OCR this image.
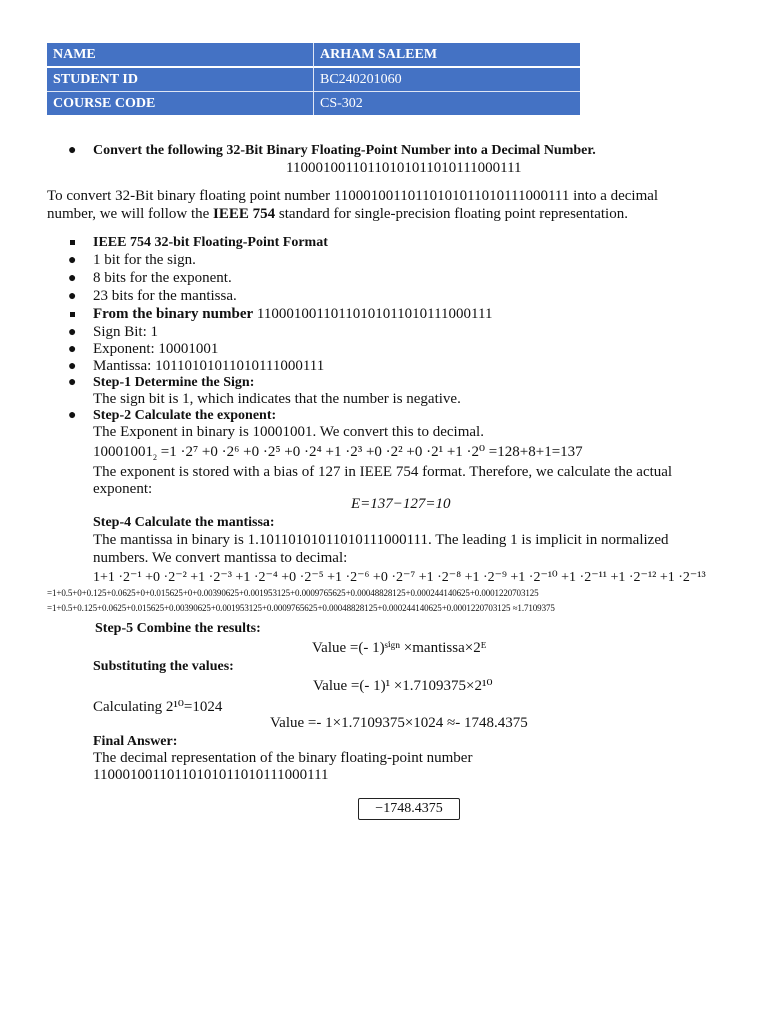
NAME	ARHAM SALEEM
STUDENT ID	BC240201060
COURSE CODE	CS-302
● Convert the following 32-Bit Binary Floating-Point Number into a Decimal Number.
11000100110110101011010111000111
To convert 32-Bit binary floating point number 11000100110110101011010111000111 into a decimal
number, we will follow the IEEE 754 standard for single-precision floating point representation.
IEEE 754 32-bit Floating-Point Format
● 1 bit for the sign.
● 8 bits for the exponent.
● 23 bits for the mantissa.
From the binary number 11000100110110101011010111000111
● Sign Bit: 1
● Exponent: 10001001
● Mantissa: 10110101011010111000111
● Step-1 Determine the Sign:
The sign bit is 1, which indicates that the number is negative.
● Step-2 Calculate the exponent:
The Exponent in binary is 10001001. We convert this to decimal.
$10001001_2 =1 \cdot 2^7 +0 \cdot 2^6 +0 \cdot 2^5 +0 \cdot 2^4 +1 \cdot 2^3 +0 \cdot 2^2 +0 \cdot 2^1 +1 \cdot 2^0 =128+8+1=137$
The exponent is stored with a bias of 127 in IEEE 754 format. Therefore, we calculate the actual
exponent:
E=137−127=10
Step-4 Calculate the mantissa:
The mantissa in binary is 1.10110101011010111000111. The leading 1 is implicit in normalized
numbers. We convert mantissa to decimal:
1+1 ·2⁻¹ +0 ·2⁻² +1 ·2⁻³ +1 ·2⁻⁴ +0 ·2⁻⁵ +1 ·2⁻⁶ +0 ·2⁻⁷ +1 ·2⁻⁸ +1 ·2⁻⁹ +1 ·2⁻¹⁰ +1 ·2⁻¹¹ +1 ·2⁻¹² +1 ·2⁻¹³
=1+0.5+0+0.125+0.0625+0+0.015625+0+0.00390625+0.001953125+0.0009765625+0.00048828125+0.000244140625+0.0001220703125
=1+0.5+0.125+0.0625+0.015625+0.00390625+0.001953125+0.0009765625+0.00048828125+0.000244140625+0.0001220703125 ≈1.7109375
Step-5 Combine the results:
Value =(- 1)ˢⁱᵍⁿ ×mantissa×2ᴱ
Substituting the values:
Value =(- 1)¹ ×1.7109375×2¹⁰
Calculating 2¹⁰=1024
Value =- 1×1.7109375×1024 ≈- 1748.4375
Final Answer:
The decimal representation of the binary floating-point number
11000100110110101011010111000111
−1748.4375
